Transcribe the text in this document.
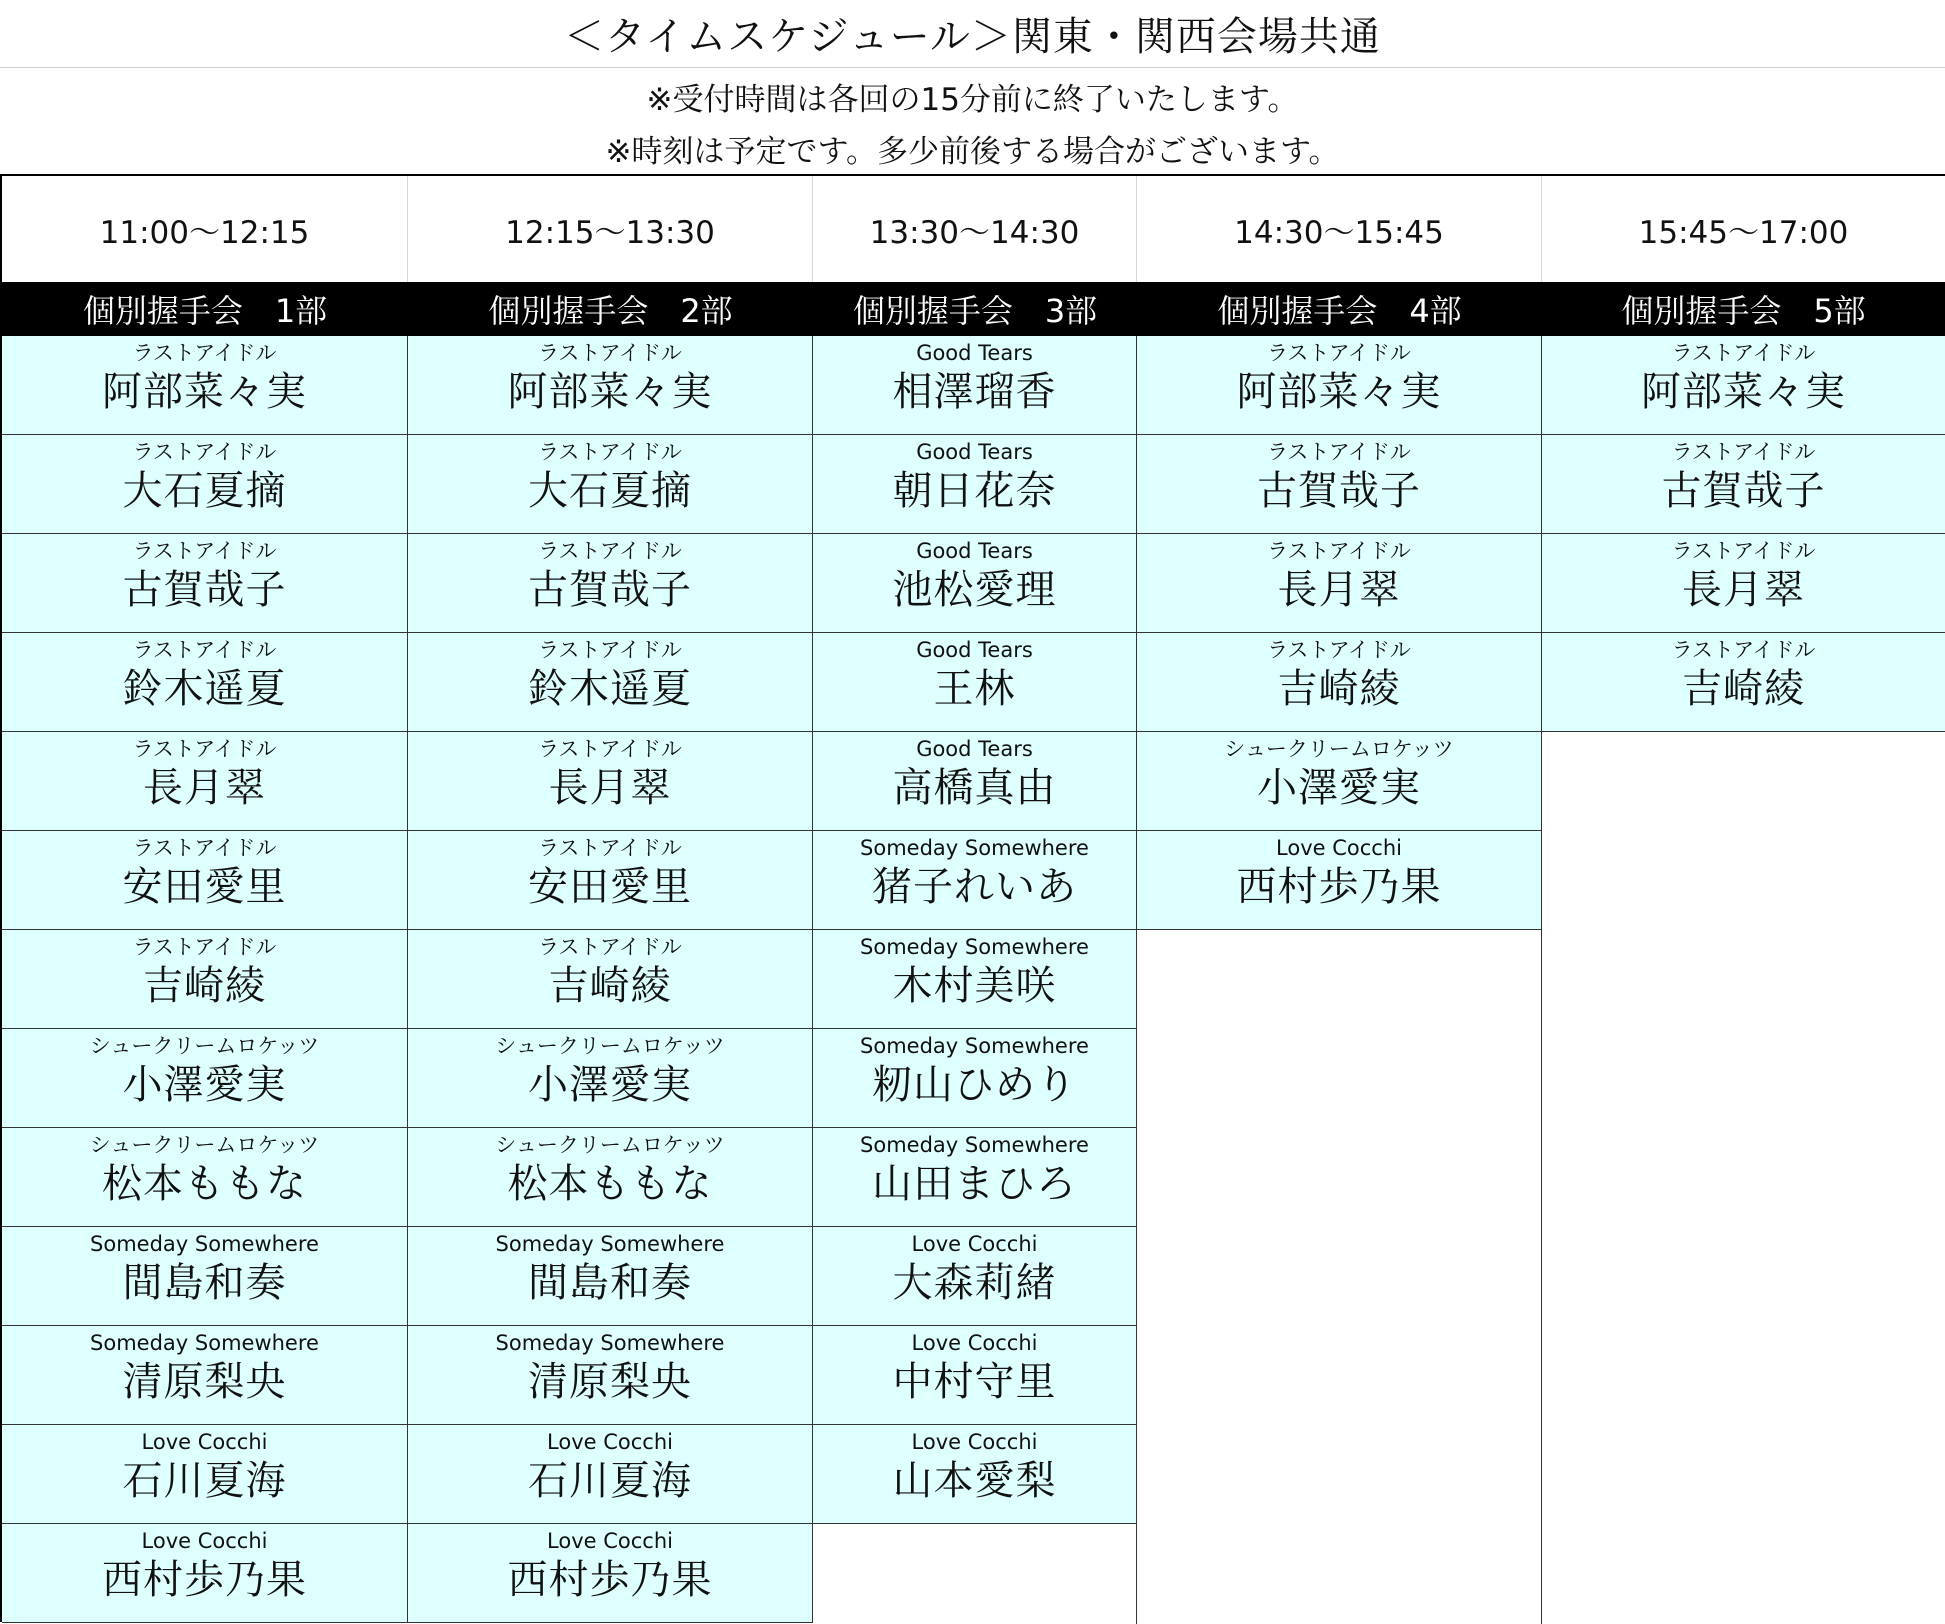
＜タイムスケジュール＞関東・関西会場共通
※受付時間は各回の15分前に終了いたします。
※時刻は予定です。多少前後する場合がございます。
11:00～12:15
個別握手会　1部
ラストアイドル
阿部菜々実
ラストアイドル
大石夏摘
ラストアイドル
古賀哉子
ラストアイドル
鈴木遥夏
ラストアイドル
長月翠
ラストアイドル
安田愛里
ラストアイドル
吉崎綾
シュークリームロケッツ
小澤愛実
シュークリームロケッツ
松本ももな
Someday Somewhere
間島和奏
Someday Somewhere
清原梨央
Love Cocchi
石川夏海
Love Cocchi
西村歩乃果
12:15～13:30
個別握手会　2部
ラストアイドル
阿部菜々実
ラストアイドル
大石夏摘
ラストアイドル
古賀哉子
ラストアイドル
鈴木遥夏
ラストアイドル
長月翠
ラストアイドル
安田愛里
ラストアイドル
吉崎綾
シュークリームロケッツ
小澤愛実
シュークリームロケッツ
松本ももな
Someday Somewhere
間島和奏
Someday Somewhere
清原梨央
Love Cocchi
石川夏海
Love Cocchi
西村歩乃果
13:30～14:30
個別握手会　3部
Good Tears
相澤瑠香
Good Tears
朝日花奈
Good Tears
池松愛理
Good Tears
王林
Good Tears
高橋真由
Someday Somewhere
猪子れいあ
Someday Somewhere
木村美咲
Someday Somewhere
籾山ひめり
Someday Somewhere
山田まひろ
Love Cocchi
大森莉緒
Love Cocchi
中村守里
Love Cocchi
山本愛梨
14:30～15:45
個別握手会　4部
ラストアイドル
阿部菜々実
ラストアイドル
古賀哉子
ラストアイドル
長月翠
ラストアイドル
吉崎綾
シュークリームロケッツ
小澤愛実
Love Cocchi
西村歩乃果
15:45～17:00
個別握手会　5部
ラストアイドル
阿部菜々実
ラストアイドル
古賀哉子
ラストアイドル
長月翠
ラストアイドル
吉崎綾
